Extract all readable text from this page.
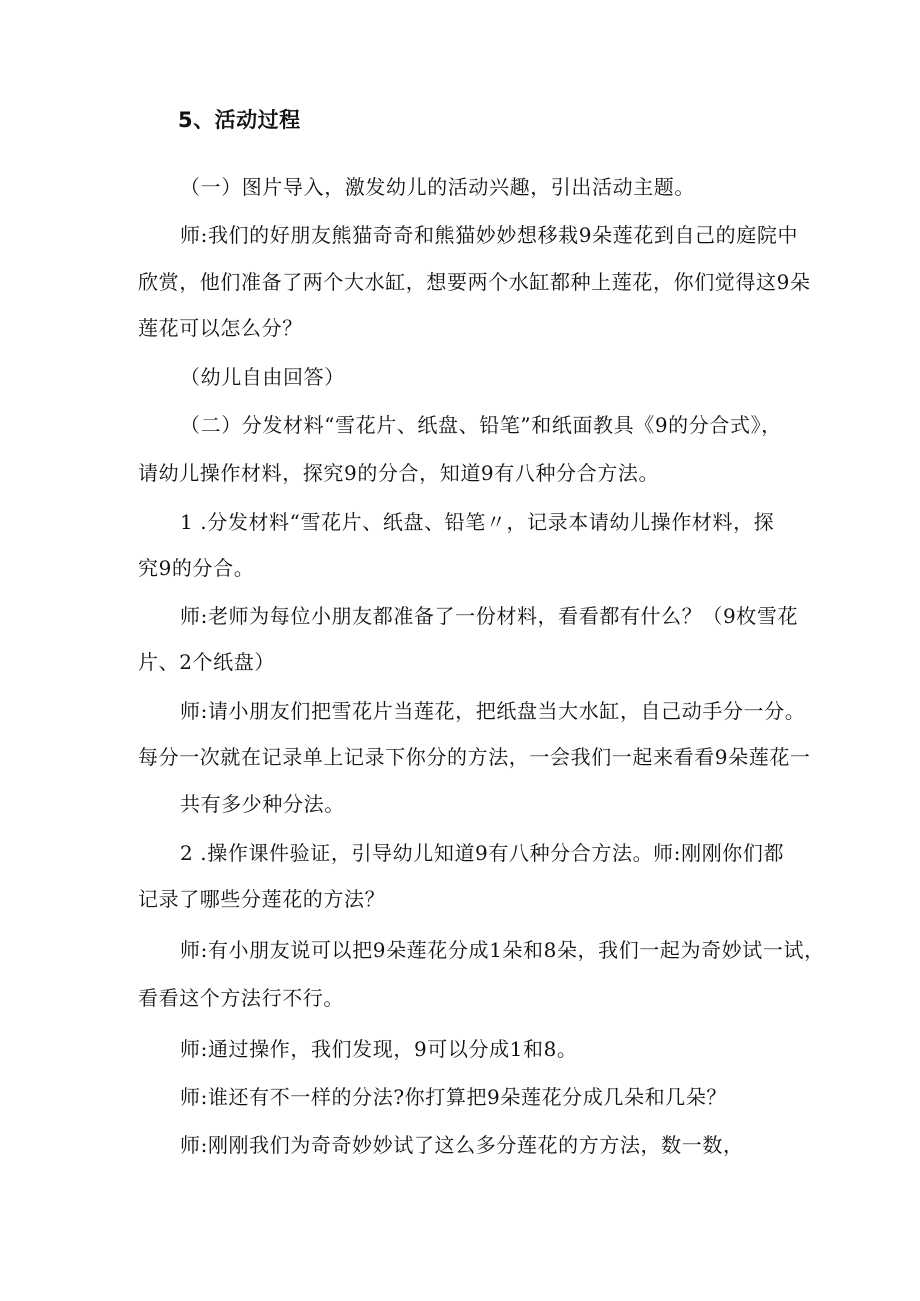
5、活动过程
（一）图片导入，激发幼儿的活动兴趣，引出活动主题。
师:我们的好朋友熊猫奇奇和熊猫妙妙想移栽9朵莲花到自己的庭院中
欣赏，他们准备了两个大水缸，想要两个水缸都种上莲花，你们觉得这9朵
莲花可以怎么分？
（幼儿自由回答）
（二）分发材料“雪花片、纸盘、铅笔”和纸面教具《9的分合式》，
请幼儿操作材料，探究9的分合，知道9有八种分合方法。
1 .分发材料“雪花片、纸盘、铅笔〃，记录本请幼儿操作材料，探
究9的分合。
师:老师为每位小朋友都准备了一份材料，看看都有什么？（9枚雪花
片、2个纸盘）
师:请小朋友们把雪花片当莲花，把纸盘当大水缸，自己动手分一分。
每分一次就在记录单上记录下你分的方法，一会我们一起来看看9朵莲花一
共有多少种分法。
2 .操作课件验证，引导幼儿知道9有八种分合方法。师:刚刚你们都
记录了哪些分莲花的方法？
师:有小朋友说可以把9朵莲花分成1朵和8朵，我们一起为奇妙试一试，
看看这个方法行不行。
师:通过操作，我们发现，9可以分成1和8。
师:谁还有不一样的分法?你打算把9朵莲花分成几朵和几朵？
师:刚刚我们为奇奇妙妙试了这么多分莲花的方方法，数一数，
